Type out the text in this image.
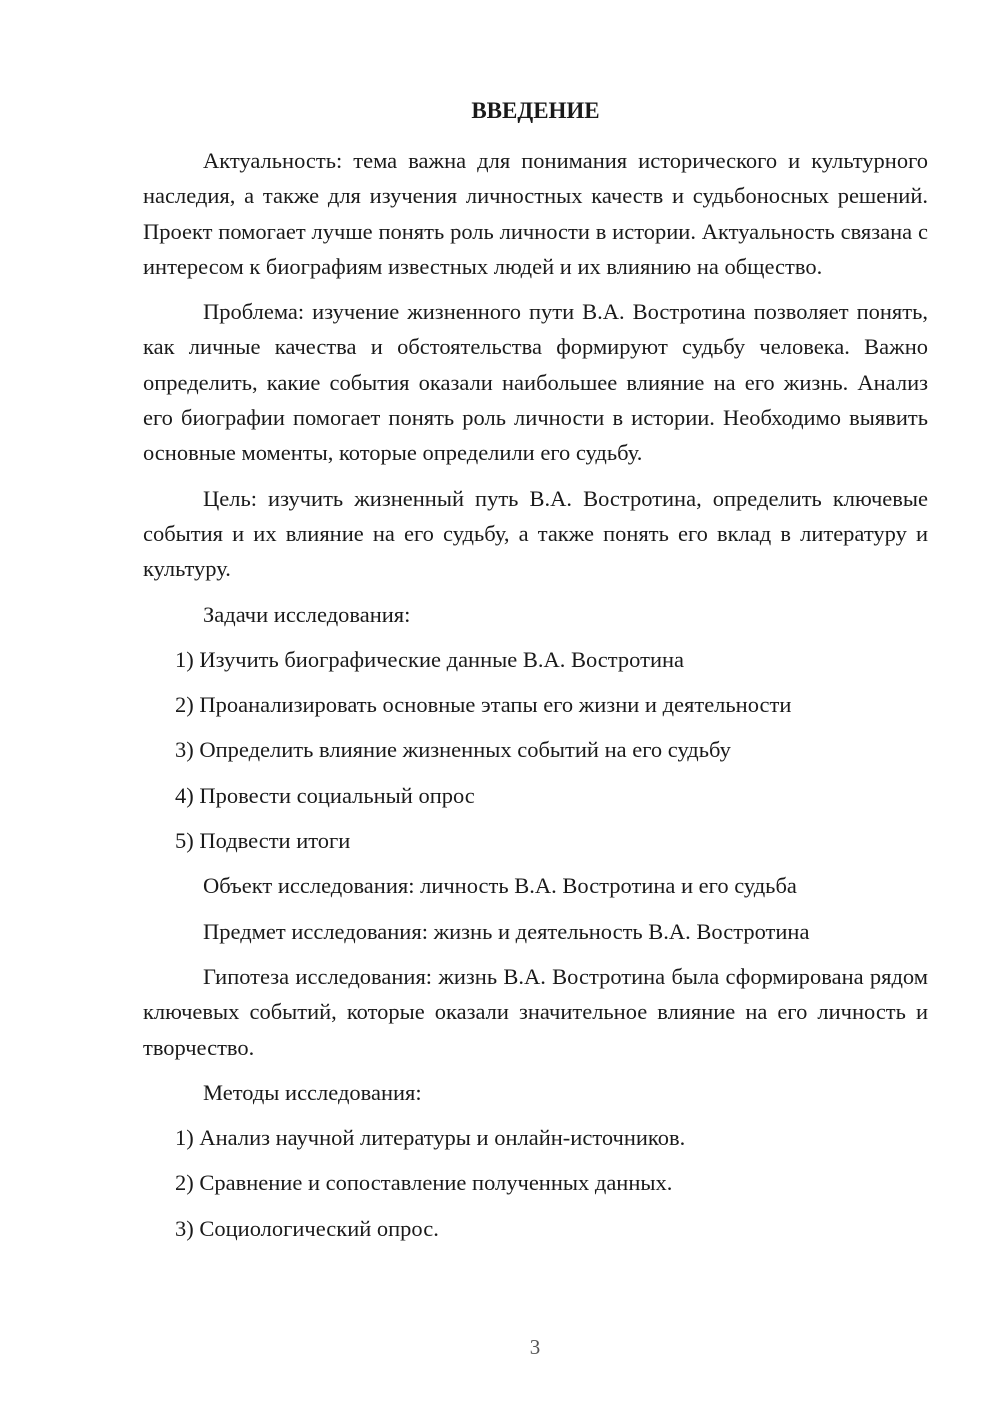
ВВЕДЕНИЕ

Актуальность: тема важна для понимания исторического и культурного наследия, а также для изучения личностных качеств и судьбоносных решений. Проект помогает лучше понять роль личности в истории. Актуальность связана с интересом к биографиям известных людей и их влиянию на общество.

Проблема: изучение жизненного пути В.А. Востротина позволяет понять, как личные качества и обстоятельства формируют судьбу человека. Важно определить, какие события оказали наибольшее влияние на его жизнь. Анализ его биографии помогает понять роль личности в истории. Необходимо выявить основные моменты, которые определили его судьбу.

Цель: изучить жизненный путь В.А. Востротина, определить ключевые события и их влияние на его судьбу, а также понять его вклад в литературу и культуру.

Задачи исследования:

1) Изучить биографические данные В.А. Востротина
2) Проанализировать основные этапы его жизни и деятельности
3) Определить влияние жизненных событий на его судьбу
4) Провести социальный опрос
5) Подвести итоги

Объект исследования: личность В.А. Востротина и его судьба

Предмет исследования: жизнь и деятельность В.А. Востротина

Гипотеза исследования: жизнь В.А. Востротина была сформирована рядом ключевых событий, которые оказали значительное влияние на его личность и творчество.

Методы исследования:

1) Анализ научной литературы и онлайн-источников.
2) Сравнение и сопоставление полученных данных.
3) Социологический опрос.
3
